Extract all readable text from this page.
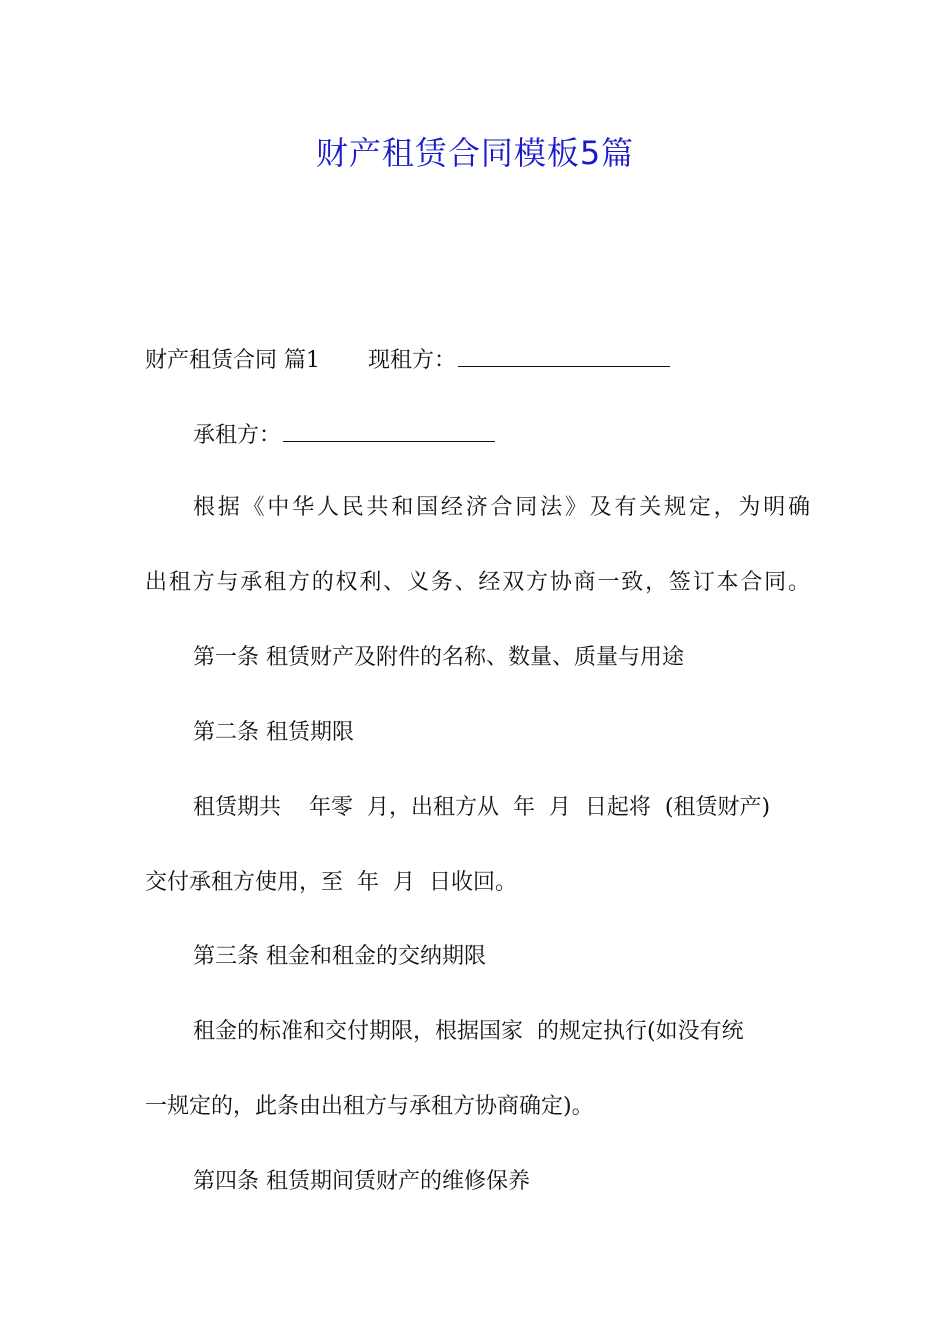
财产租赁合同模板5篇
财产租赁合同 篇1 现租方：
承租方：
根据《中华人民共和国经济合同法》及有关规定，为明确
出租方与承租方的权利、义务、经双方协商一致，签订本合同。
第一条 租赁财产及附件的名称、数量、质量与用途
第二条 租赁期限
租赁期共    年零  月，出租方从  年  月  日起将  (租赁财产)
交付承租方使用，至  年  月  日收回。
第三条 租金和租金的交纳期限
租金的标准和交付期限，根据国家  的规定执行(如没有统
一规定的，此条由出租方与承租方协商确定)。
第四条 租赁期间赁财产的维修保养
